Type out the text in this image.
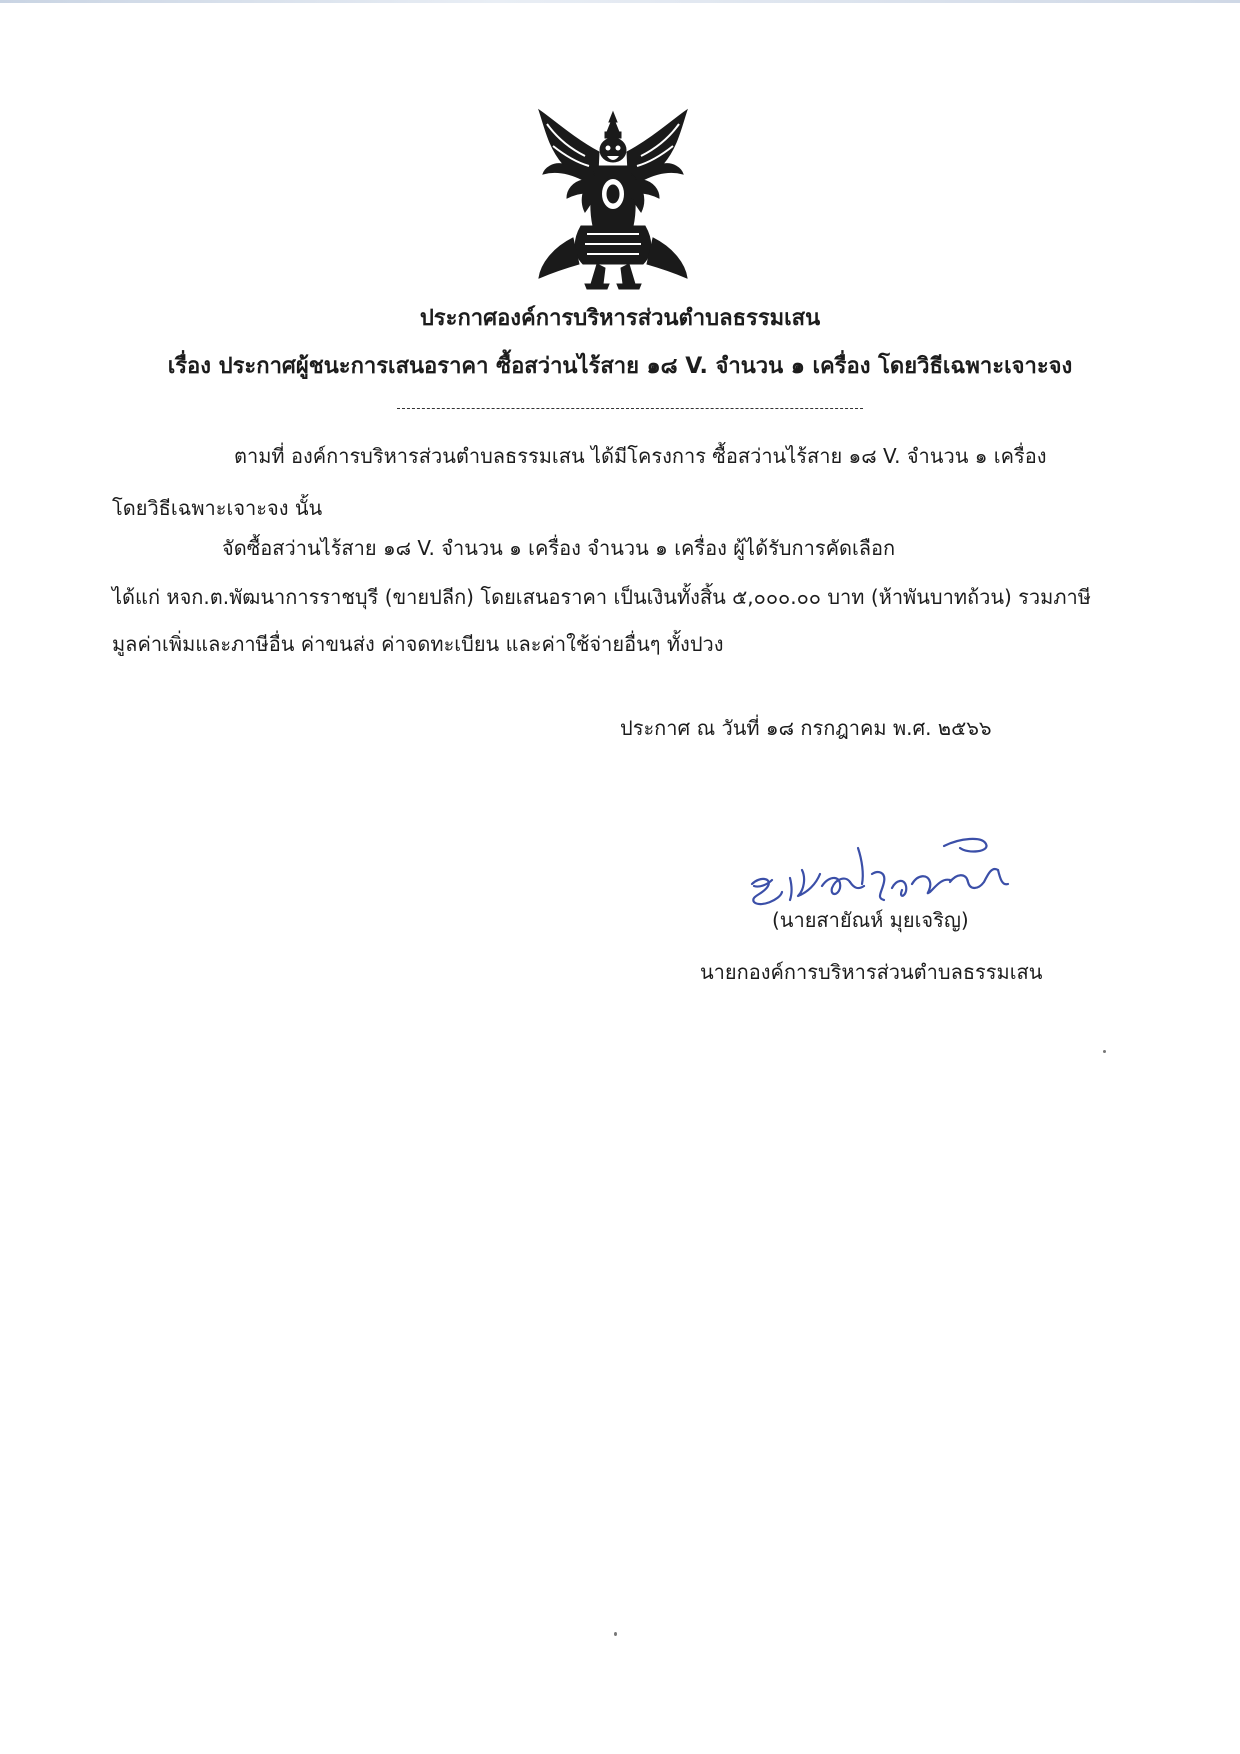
ประกาศองค์การบริหารส่วนตำบลธรรมเสน
เรื่อง ประกาศผู้ชนะการเสนอราคา ซื้อสว่านไร้สาย ๑๘ V. จำนวน ๑ เครื่อง โดยวิธีเฉพาะเจาะจง
ตามที่ องค์การบริหารส่วนตำบลธรรมเสน ได้มีโครงการ ซื้อสว่านไร้สาย ๑๘ V. จำนวน ๑ เครื่อง
โดยวิธีเฉพาะเจาะจง นั้น
จัดซื้อสว่านไร้สาย ๑๘ V. จำนวน ๑ เครื่อง จำนวน ๑ เครื่อง ผู้ได้รับการคัดเลือก
ได้แก่ หจก.ต.พัฒนาการราชบุรี (ขายปลีก) โดยเสนอราคา เป็นเงินทั้งสิ้น ๕,๐๐๐.๐๐ บาท (ห้าพันบาทถ้วน) รวมภาษี
มูลค่าเพิ่มและภาษีอื่น ค่าขนส่ง ค่าจดทะเบียน และค่าใช้จ่ายอื่นๆ ทั้งปวง
ประกาศ ณ วันที่ ๑๘ กรกฎาคม พ.ศ. ๒๕๖๖
(นายสายัณห์ มุยเจริญ)
นายกองค์การบริหารส่วนตำบลธรรมเสน
